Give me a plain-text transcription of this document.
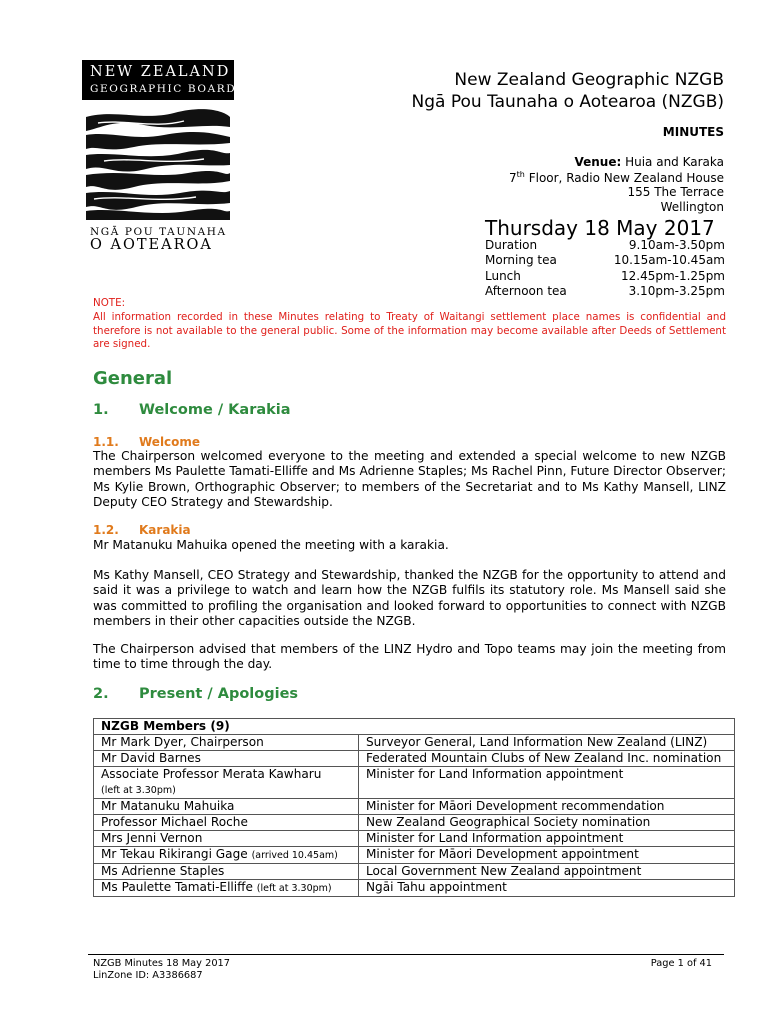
NEW ZEALAND
GEOGRAPHIC BOARD
NGĀ POU TAUNAHA
O AOTEAROA
New Zealand Geographic NZGB
Ngā Pou Taunaha o Aotearoa (NZGB)
MINUTES
Venue: Huia and Karaka
7th Floor, Radio New Zealand House
155 The Terrace
Wellington
Thursday 18 May 2017
Duration	9.10am-3.50pm
Morning tea	10.15am-10.45am
Lunch	12.45pm-1.25pm
Afternoon tea	3.10pm-3.25pm
NOTE:
All information recorded in these Minutes relating to Treaty of Waitangi settlement place names is confidential and therefore is not available to the general public. Some of the information may become available after Deeds of Settlement are signed.
General
1. Welcome / Karakia
1.1. Welcome
The Chairperson welcomed everyone to the meeting and extended a special welcome to new NZGB members Ms Paulette Tamati-Elliffe and Ms Adrienne Staples; Ms Rachel Pinn, Future Director Observer; Ms Kylie Brown, Orthographic Observer; to members of the Secretariat and to Ms Kathy Mansell, LINZ Deputy CEO Strategy and Stewardship.
1.2. Karakia
Mr Matanuku Mahuika opened the meeting with a karakia.
Ms Kathy Mansell, CEO Strategy and Stewardship, thanked the NZGB for the opportunity to attend and said it was a privilege to watch and learn how the NZGB fulfils its statutory role. Ms Mansell said she was committed to profiling the organisation and looked forward to opportunities to connect with NZGB members in their other capacities outside the NZGB.
The Chairperson advised that members of the LINZ Hydro and Topo teams may join the meeting from time to time through the day.
2. Present / Apologies
NZGB Members (9)	
Mr Mark Dyer, Chairperson	Surveyor General, Land Information New Zealand (LINZ)
Mr David Barnes	Federated Mountain Clubs of New Zealand Inc. nomination
Associate Professor Merata Kawharu
(left at 3.30pm)	Minister for Land Information appointment
Mr Matanuku Mahuika	Minister for Māori Development recommendation
Professor Michael Roche	New Zealand Geographical Society nomination
Mrs Jenni Vernon	Minister for Land Information appointment
Mr Tekau Rikirangi Gage (arrived 10.45am)	Minister for Māori Development appointment
Ms Adrienne Staples	Local Government New Zealand appointment
Ms Paulette Tamati-Elliffe (left at 3.30pm)	Ngāi Tahu appointment
NZGB Minutes 18 May 2017
LinZone ID: A3386687
Page 1 of 41
